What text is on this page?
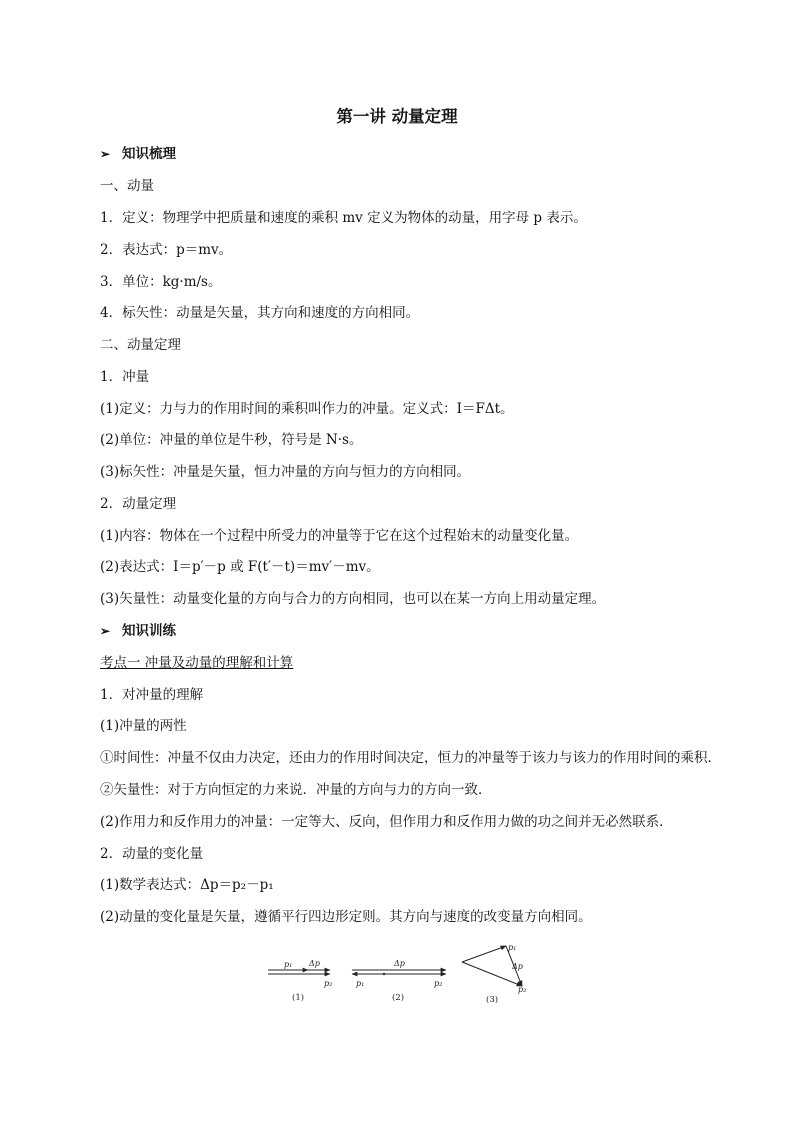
第一讲 动量定理
➢ 知识梳理
一、动量
1．定义：物理学中把质量和速度的乘积 mv 定义为物体的动量，用字母 p 表示。
2．表达式：p＝mv。
3．单位：kg·m/s。
4．标矢性：动量是矢量，其方向和速度的方向相同。
二、动量定理
1．冲量
(1)定义：力与力的作用时间的乘积叫作力的冲量。定义式：I＝FΔt。
(2)单位：冲量的单位是牛秒，符号是 N·s。
(3)标矢性：冲量是矢量，恒力冲量的方向与恒力的方向相同。
2．动量定理
(1)内容：物体在一个过程中所受力的冲量等于它在这个过程始末的动量变化量。
(2)表达式：I＝p′－p 或 F(t′－t)＝mv′－mv。
(3)矢量性：动量变化量的方向与合力的方向相同，也可以在某一方向上用动量定理。
➢ 知识训练
考点一 冲量及动量的理解和计算
1．对冲量的理解
(1)冲量的两性
①时间性：冲量不仅由力决定，还由力的作用时间决定，恒力的冲量等于该力与该力的作用时间的乘积．
②矢量性：对于方向恒定的力来说．冲量的方向与力的方向一致．
(2)作用力和反作用力的冲量：一定等大、反向，但作用力和反作用力做的功之间并无必然联系．
2．动量的变化量
(1)数学表达式：Δp＝p₂－p₁
(2)动量的变化量是矢量，遵循平行四边形定则。其方向与速度的改变量方向相同。
p₁ Δp
p₂
(1)
Δp
p₁	p₂
(2)
p₁
Δp
p₂
(3)
